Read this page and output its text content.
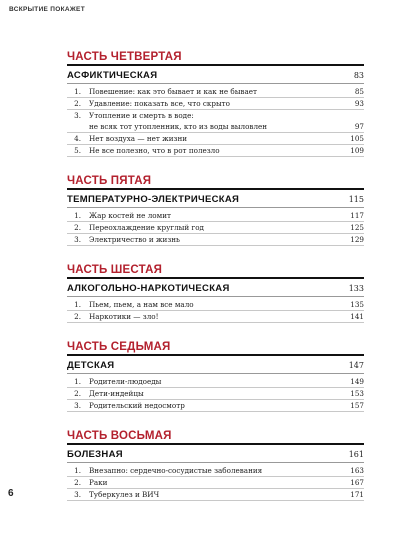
ВСКРЫТИЕ ПОКАЖЕТ
ЧАСТЬ ЧЕТВЕРТАЯ
АСФИКТИЧЕСКАЯ	83
1.	Повешение: как это бывает и как не бывает	85
2.	Удавление: показать все, что скрыто	93
3.	Утопление и смерть в воде:
не всяк тот утопленник, кто из воды выловлен	97
4.	Нет воздуха — нет жизни	105
5.	Не все полезно, что в рот полезло	109
ЧАСТЬ ПЯТАЯ
ТЕМПЕРАТУРНО-ЭЛЕКТРИЧЕСКАЯ	115
1.	Жар костей не ломит	117
2.	Переохлаждение круглый год	125
3.	Электричество и жизнь	129
ЧАСТЬ ШЕСТАЯ
АЛКОГОЛЬНО-НАРКОТИЧЕСКАЯ	133
1.	Пьем, пьем, а нам все мало	135
2.	Наркотики — зло!	141
ЧАСТЬ СЕДЬМАЯ
ДЕТСКАЯ	147
1.	Родители-людоеды	149
2.	Дети-индейцы	153
3.	Родительский недосмотр	157
ЧАСТЬ ВОСЬМАЯ
БОЛЕЗНАЯ	161
1.	Внезапно: сердечно-сосудистые заболевания	163
2.	Раки	167
3.	Туберкулез и ВИЧ	171
6
